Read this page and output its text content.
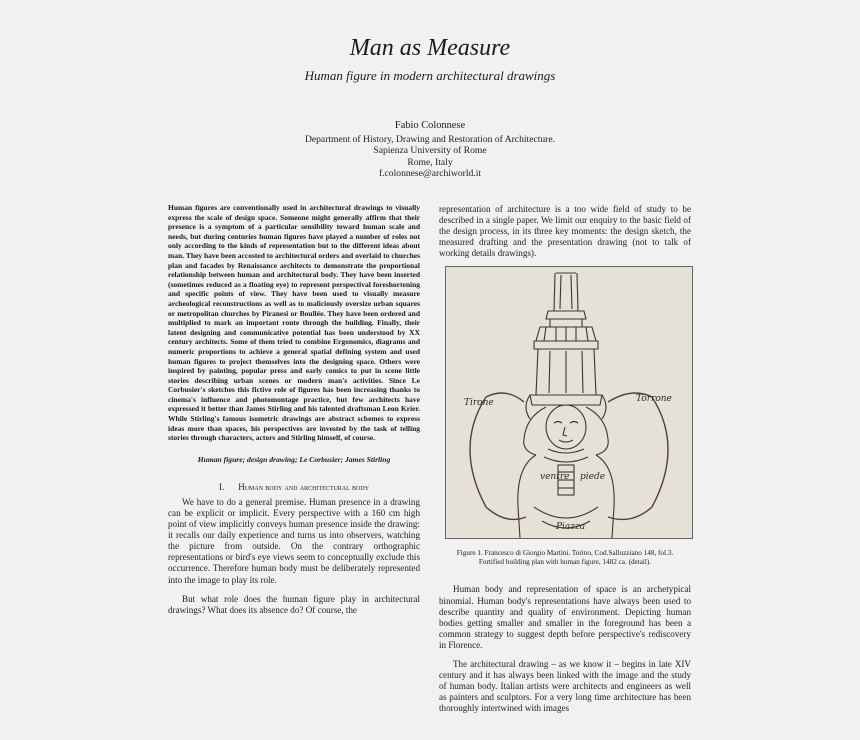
Man as Measure
Human figure in modern architectural drawings
Fabio Colonnese
Department of History, Drawing and Restoration of Architecture.
Sapienza University of Rome
Rome, Italy
f.colonnese@archiworld.it

Human figures are conventionally used in architectural drawings to visually express the scale of design space. Someone might generally affirm that their presence is a symptom of a particular sensibility toward human scale and needs, but during centuries human figures have played a number of roles not only according to the kinds of representation but to the different ideas about man. They have been accosted to architectural orders and overlaid to churches plan and facades by Renaissance architects to demonstrate the proportional relationship between human and architectural body. They have been inserted (sometimes reduced as a floating eye) to represent perspectival foreshortening and specific points of view. They have been used to visually measure archeological reconstructions as well as to maliciously oversize urban squares or metropolitan churches by Piranesi or Boullée. They have been ordered and multiplied to mark an important route through the building. Finally, their latent designing and communicative potential has been understood by XX century architects. Some of them tried to combine Ergonomics, diagrams and numeric proportions to achieve a general spatial defining system and used human figures to project themselves into the designing space. Others were inspired by painting, popular press and early comics to put in scene little stories describing urban scenes or modern man's activities. Since Le Corbusier's sketches this fictive role of figures has been increasing thanks to cinema's influence and photomontage practice, but few architects have expressed it better than James Stirling and his talented draftsman Leon Krier. While Stirling's famous isometric drawings are abstract schemes to express ideas more than spaces, his perspectives are invested by the task of telling stories through characters, actors and Stirling himself, of course.

Human figure; design drawing; Le Corbusier; James Stirling

I. Human body and architectural body

We have to do a general premise. Human presence in a drawing can be explicit or implicit. Every perspective with a 160 cm high point of view implicitly conveys human presence inside the drawing: it recalls our daily experience and turns us into observers, watching the picture from outside. On the contrary orthographic representations or bird's eye views seem to conceptually exclude this occurrence. Therefore human body must be deliberately represented into the image to play its role.

But what role does the human figure play in architectural drawings? What does its absence do? Of course, the

representation of architecture is a too wide field of study to be described in a single paper. We limit our enquiry to the basic field of the design process, in its three key moments: the design sketch, the measured drafting and the presentation drawing (not to talk of working details drawings).

Tirone	Torrone
ventre piede
Piazza

Figure 1. Francesco di Giorgio Martini. Torino, Cod.Salluzziano 148, fol.3.
Fortified building plan with human figure, 1482 ca. (detail).

Human body and representation of space is an archetypical binomial. Human body's representations have always been used to describe quantity and quality of environment. Depicting human bodies getting smaller and smaller in the foreground has been a common strategy to suggest depth before perspective's rediscovery in Florence.

The architectural drawing – as we know it – begins in late XIV century and it has always been linked with the image and the study of human body. Italian artists were architects and engineers as well as painters and sculptors. For a very long time architecture has been thoroughly intertwined with images
